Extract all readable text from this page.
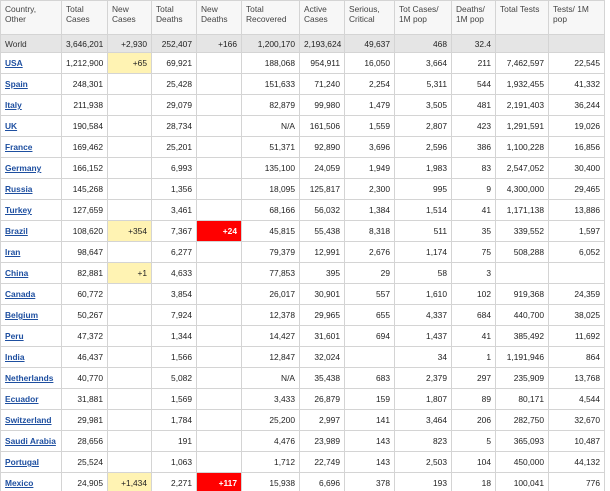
Country, Other	Total Cases	New Cases	Total Deaths	New Deaths	Total Recovered	Active Cases	Serious, Critical	Tot Cases/ 1M pop	Deaths/ 1M pop	Total Tests	Tests/ 1M pop
World	3,646,201	+2,930	252,407	+166	1,200,170	2,193,624	49,637	468	32.4		
USA	1,212,900	+65	69,921		188,068	954,911	16,050	3,664	211	7,462,597	22,545
Spain	248,301		25,428		151,633	71,240	2,254	5,311	544	1,932,455	41,332
Italy	211,938		29,079		82,879	99,980	1,479	3,505	481	2,191,403	36,244
UK	190,584		28,734		N/A	161,506	1,559	2,807	423	1,291,591	19,026
France	169,462		25,201		51,371	92,890	3,696	2,596	386	1,100,228	16,856
Germany	166,152		6,993		135,100	24,059	1,949	1,983	83	2,547,052	30,400
Russia	145,268		1,356		18,095	125,817	2,300	995	9	4,300,000	29,465
Turkey	127,659		3,461		68,166	56,032	1,384	1,514	41	1,171,138	13,886
Brazil	108,620	+354	7,367	+24	45,815	55,438	8,318	511	35	339,552	1,597
Iran	98,647		6,277		79,379	12,991	2,676	1,174	75	508,288	6,052
China	82,881	+1	4,633		77,853	395	29	58	3		
Canada	60,772		3,854		26,017	30,901	557	1,610	102	919,368	24,359
Belgium	50,267		7,924		12,378	29,965	655	4,337	684	440,700	38,025
Peru	47,372		1,344		14,427	31,601	694	1,437	41	385,492	11,692
India	46,437		1,566		12,847	32,024		34	1	1,191,946	864
Netherlands	40,770		5,082		N/A	35,438	683	2,379	297	235,909	13,768
Ecuador	31,881		1,569		3,433	26,879	159	1,807	89	80,171	4,544
Switzerland	29,981		1,784		25,200	2,997	141	3,464	206	282,750	32,670
Saudi Arabia	28,656		191		4,476	23,989	143	823	5	365,093	10,487
Portugal	25,524		1,063		1,712	22,749	143	2,503	104	450,000	44,132
Mexico	24,905	+1,434	2,271	+117	15,938	6,696	378	193	18	100,041	776
